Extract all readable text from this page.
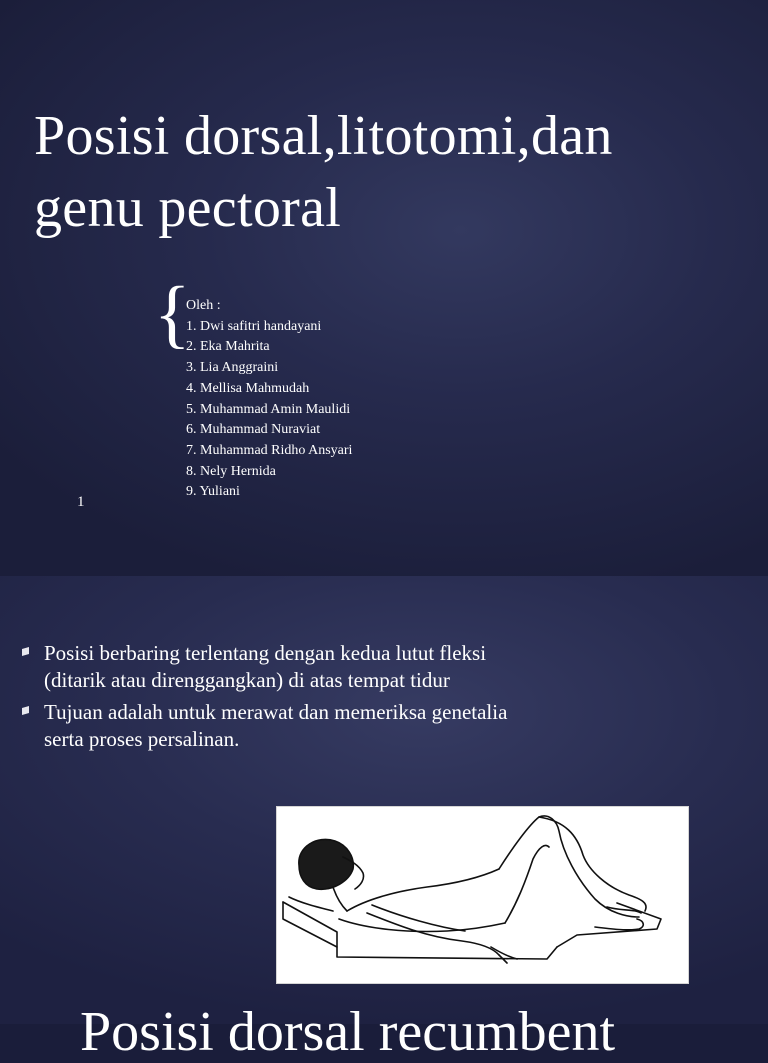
Posisi dorsal,litotomi,dan genu pectoral
{
Oleh :
1. Dwi safitri handayani
2. Eka Mahrita
3. Lia Anggraini
4. Mellisa Mahmudah
5. Muhammad Amin Maulidi
6. Muhammad Nuraviat
7. Muhammad Ridho Ansyari
8. Nely Hernida
9. Yuliani
1
Posisi berbaring terlentang dengan kedua lutut fleksi (ditarik atau direnggangkan) di atas tempat tidur
Tujuan adalah untuk merawat dan memeriksa genetalia serta proses persalinan.
Posisi dorsal recumbent
